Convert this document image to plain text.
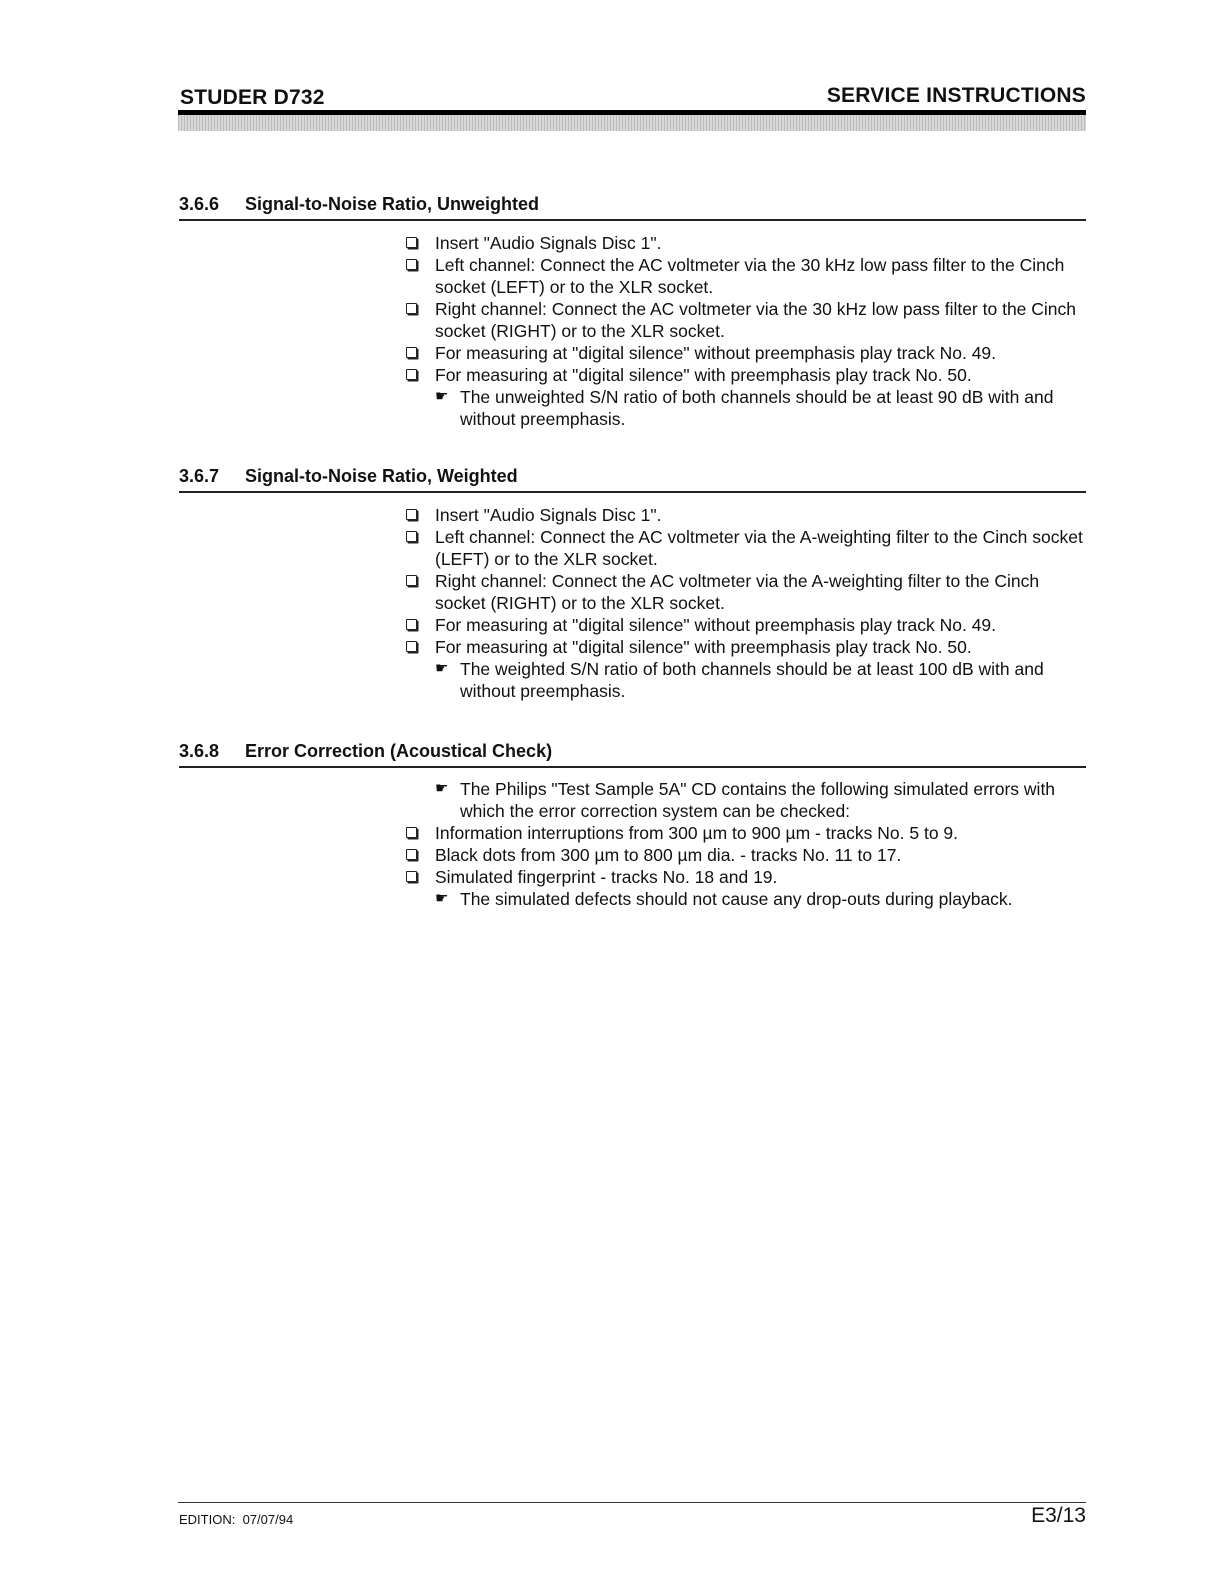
STUDER D732	SERVICE INSTRUCTIONS
3.6.6 Signal-to-Noise Ratio, Unweighted
Insert "Audio Signals Disc 1".
Left channel: Connect the AC voltmeter via the 30 kHz low pass filter to the Cinch socket (LEFT) or to the XLR socket.
Right channel: Connect the AC voltmeter via the 30 kHz low pass filter to the Cinch socket (RIGHT) or to the XLR socket.
For measuring at "digital silence" without preemphasis play track No. 49.
For measuring at "digital silence" with preemphasis play track No. 50.
☛ The unweighted S/N ratio of both channels should be at least 90 dB with and without preemphasis.
3.6.7 Signal-to-Noise Ratio, Weighted
Insert "Audio Signals Disc 1".
Left channel: Connect the AC voltmeter via the A-weighting filter to the Cinch socket (LEFT) or to the XLR socket.
Right channel: Connect the AC voltmeter via the A-weighting filter to the Cinch socket (RIGHT) or to the XLR socket.
For measuring at "digital silence" without preemphasis play track No. 49.
For measuring at "digital silence" with preemphasis play track No. 50.
☛ The weighted S/N ratio of both channels should be at least 100 dB with and without preemphasis.
3.6.8 Error Correction (Acoustical Check)
☛ The Philips "Test Sample 5A" CD contains the following simulated errors with which the error correction system can be checked:
Information interruptions from 300 µm to 900 µm - tracks No. 5 to 9.
Black dots from 300 µm to 800 µm dia. - tracks No. 11 to 17.
Simulated fingerprint - tracks No. 18 and 19.
☛ The simulated defects should not cause any drop-outs during playback.
EDITION: 07/07/94	E3/13
